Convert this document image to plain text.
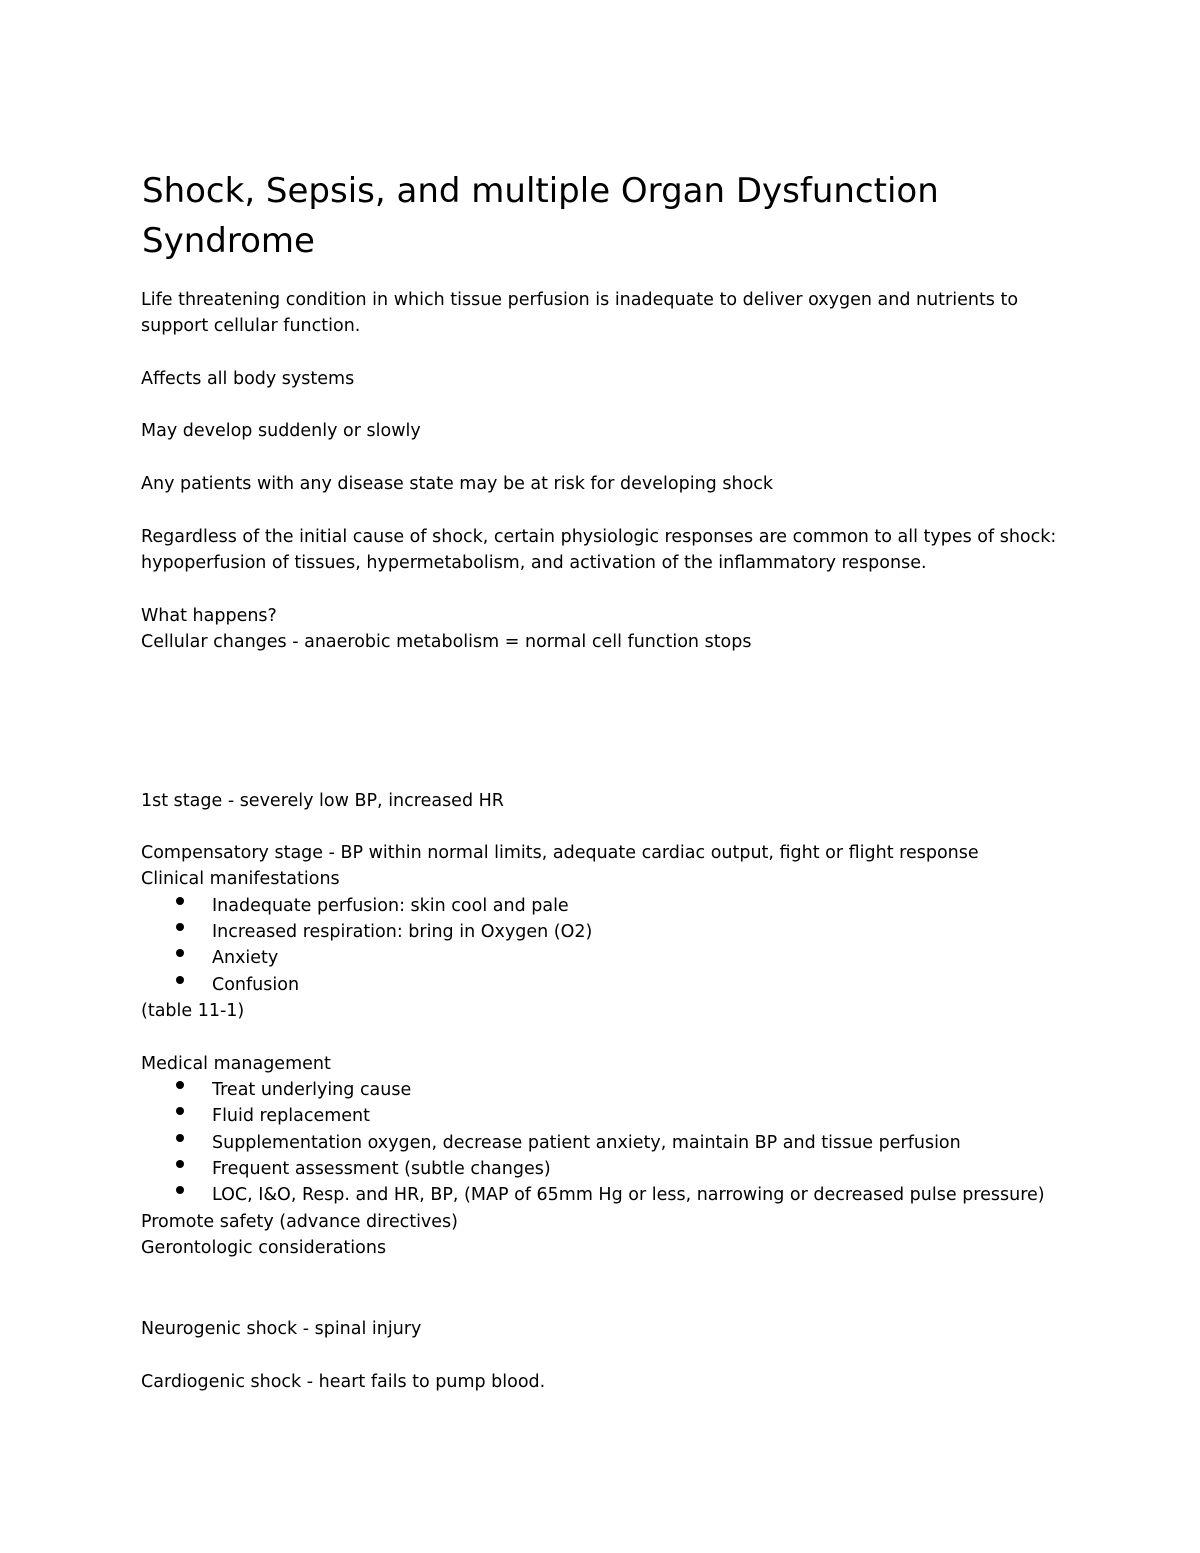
Shock, Sepsis, and multiple Organ Dysfunction Syndrome

Life threatening condition in which tissue perfusion is inadequate to deliver oxygen and nutrients to support cellular function.

Affects all body systems

May develop suddenly or slowly

Any patients with any disease state may be at risk for developing shock

Regardless of the initial cause of shock, certain physiologic responses are common to all types of shock: hypoperfusion of tissues, hypermetabolism, and activation of the inflammatory response.

What happens?

Cellular changes - anaerobic metabolism = normal cell function stops

1st stage - severely low BP, increased HR

Compensatory stage - BP within normal limits, adequate cardiac output, fight or flight response

Clinical manifestations

Inadequate perfusion: skin cool and pale
Increased respiration: bring in Oxygen (O2)
Anxiety
Confusion

(table 11-1)

Medical management

Treat underlying cause
Fluid replacement
Supplementation oxygen, decrease patient anxiety, maintain BP and tissue perfusion
Frequent assessment (subtle changes)
LOC, I&O, Resp. and HR, BP, (MAP of 65mm Hg or less, narrowing or decreased pulse pressure)

Promote safety (advance directives)

Gerontologic considerations

Neurogenic shock - spinal injury

Cardiogenic shock - heart fails to pump blood.
